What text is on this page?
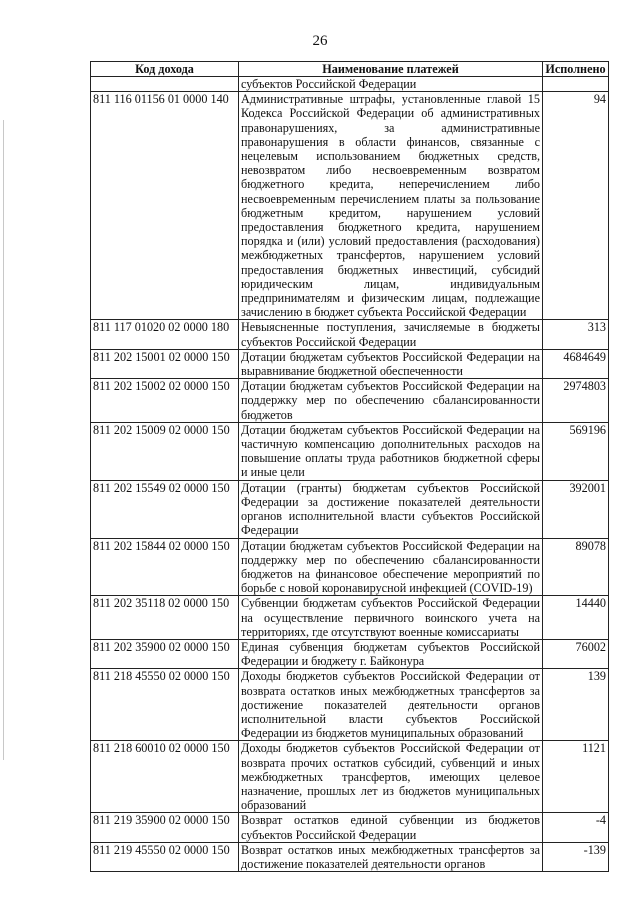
26
Код дохода	Наименование платежей	Исполнено
	субъектов Российской Федерации	
811 116 01156 01 0000 140	Административные штрафы, установленные главой 15 Кодекса Российской Федерации об административных правонарушениях, за административные правонарушения в области финансов, связанные с нецелевым использованием бюджетных средств, невозвратом либо несвоевременным возвратом бюджетного кредита, неперечислением либо несвоевременным перечислением платы за пользование бюджетным кредитом, нарушением условий предоставления бюджетного кредита, нарушением порядка и (или) условий предоставления (расходования) межбюджетных трансфертов, нарушением условий предоставления бюджетных инвестиций, субсидий юридическим лицам, индивидуальным предпринимателям и физическим лицам, подлежащие зачислению в бюджет субъекта Российской Федерации	94
811 117 01020 02 0000 180	Невыясненные поступления, зачисляемые в бюджеты субъектов Российской Федерации	313
811 202 15001 02 0000 150	Дотации бюджетам субъектов Российской Федерации на выравнивание бюджетной обеспеченности	4684649
811 202 15002 02 0000 150	Дотации бюджетам субъектов Российской Федерации на поддержку мер по обеспечению сбалансированности бюджетов	2974803
811 202 15009 02 0000 150	Дотации бюджетам субъектов Российской Федерации на частичную компенсацию дополнительных расходов на повышение оплаты труда работников бюджетной сферы и иные цели	569196
811 202 15549 02 0000 150	Дотации (гранты) бюджетам субъектов Российской Федерации за достижение показателей деятельности органов исполнительной власти субъектов Российской Федерации	392001
811 202 15844 02 0000 150	Дотации бюджетам субъектов Российской Федерации на поддержку мер по обеспечению сбалансированности бюджетов на финансовое обеспечение мероприятий по борьбе с новой коронавирусной инфекцией (COVID-19)	89078
811 202 35118 02 0000 150	Субвенции бюджетам субъектов Российской Федерации на осуществление первичного воинского учета на территориях, где отсутствуют военные комиссариаты	14440
811 202 35900 02 0000 150	Единая субвенция бюджетам субъектов Российской Федерации и бюджету г. Байконура	76002
811 218 45550 02 0000 150	Доходы бюджетов субъектов Российской Федерации от возврата остатков иных межбюджетных трансфертов за достижение показателей деятельности органов исполнительной власти субъектов Российской Федерации из бюджетов муниципальных образований	139
811 218 60010 02 0000 150	Доходы бюджетов субъектов Российской Федерации от возврата прочих остатков субсидий, субвенций и иных межбюджетных трансфертов, имеющих целевое назначение, прошлых лет из бюджетов муниципальных образований	1121
811 219 35900 02 0000 150	Возврат остатков единой субвенции из бюджетов субъектов Российской Федерации	-4
811 219 45550 02 0000 150	Возврат остатков иных межбюджетных трансфертов за достижение показателей деятельности органов	-139
